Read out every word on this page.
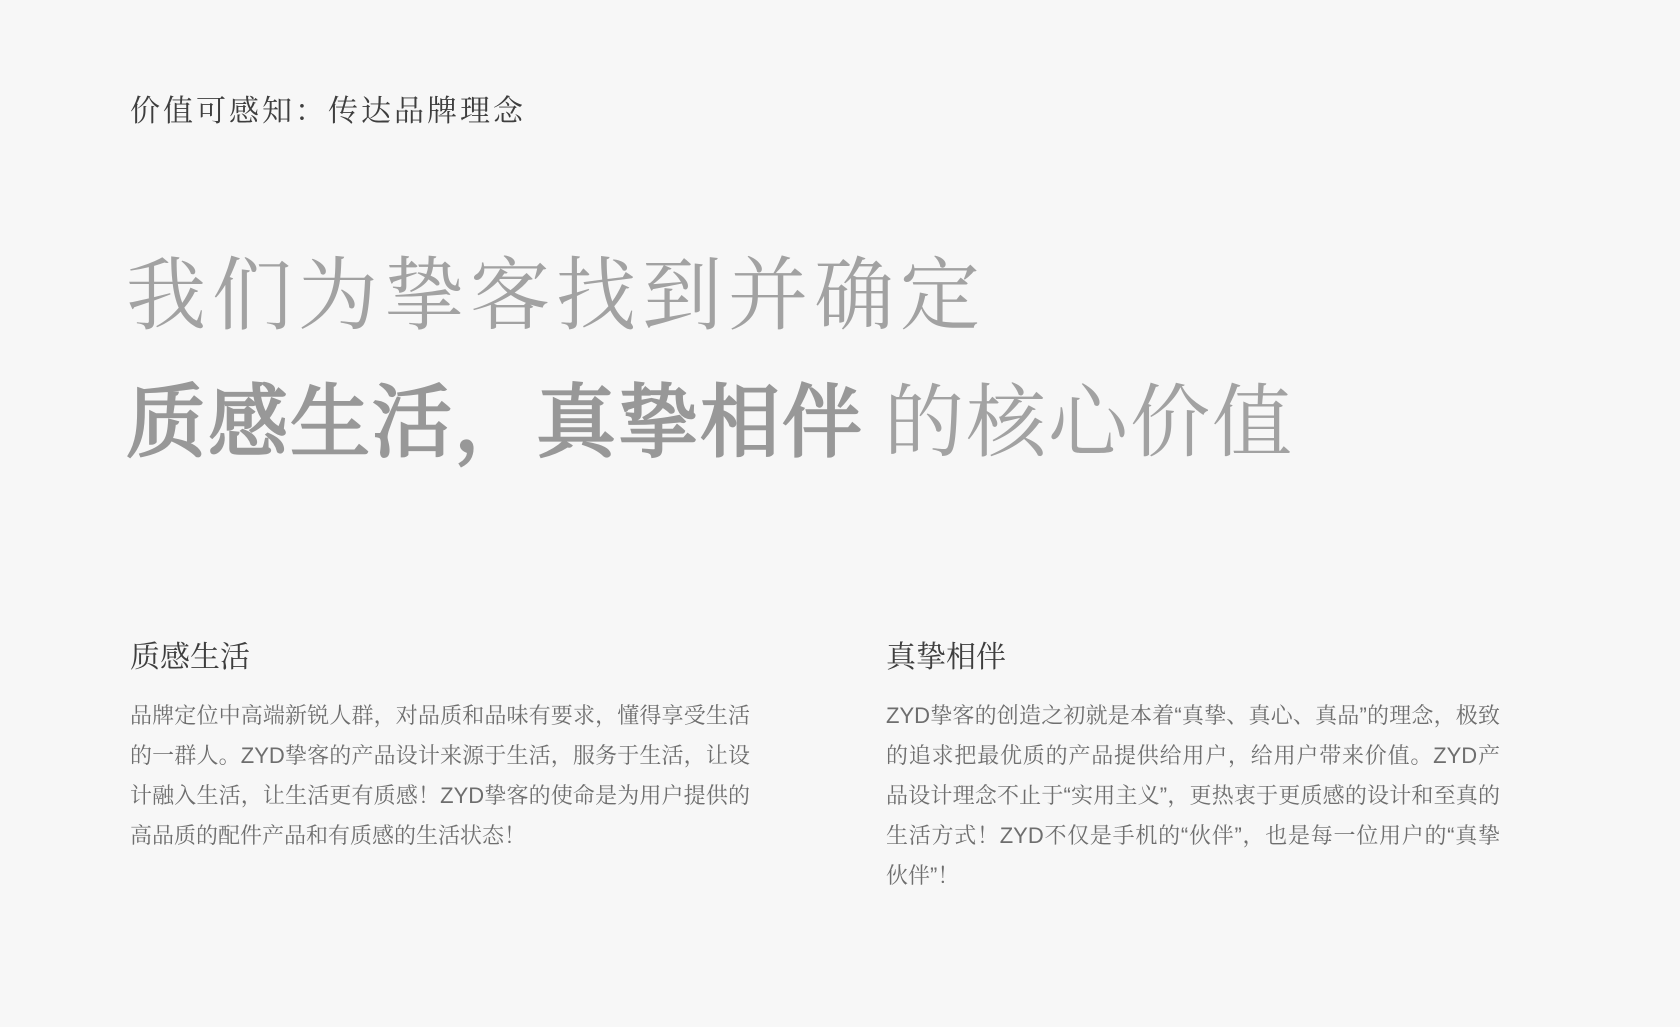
价值可感知：传达品牌理念
我们为挚客找到并确定
质感生活，真挚相伴 的核心价值
质感生活
品牌定位中高端新锐人群，对品质和品味有要求，懂得享受生活的一群人。ZYD挚客的产品设计来源于生活，服务于生活，让设计融入生活，让生活更有质感！ZYD挚客的使命是为用户提供的高品质的配件产品和有质感的生活状态！
真挚相伴
ZYD挚客的创造之初就是本着“真挚、真心、真品”的理念，极致的追求把最优质的产品提供给用户，给用户带来价值。ZYD产品设计理念不止于“实用主义”，更热衷于更质感的设计和至真的生活方式！ZYD不仅是手机的“伙伴”，也是每一位用户的“真挚伙伴”！
